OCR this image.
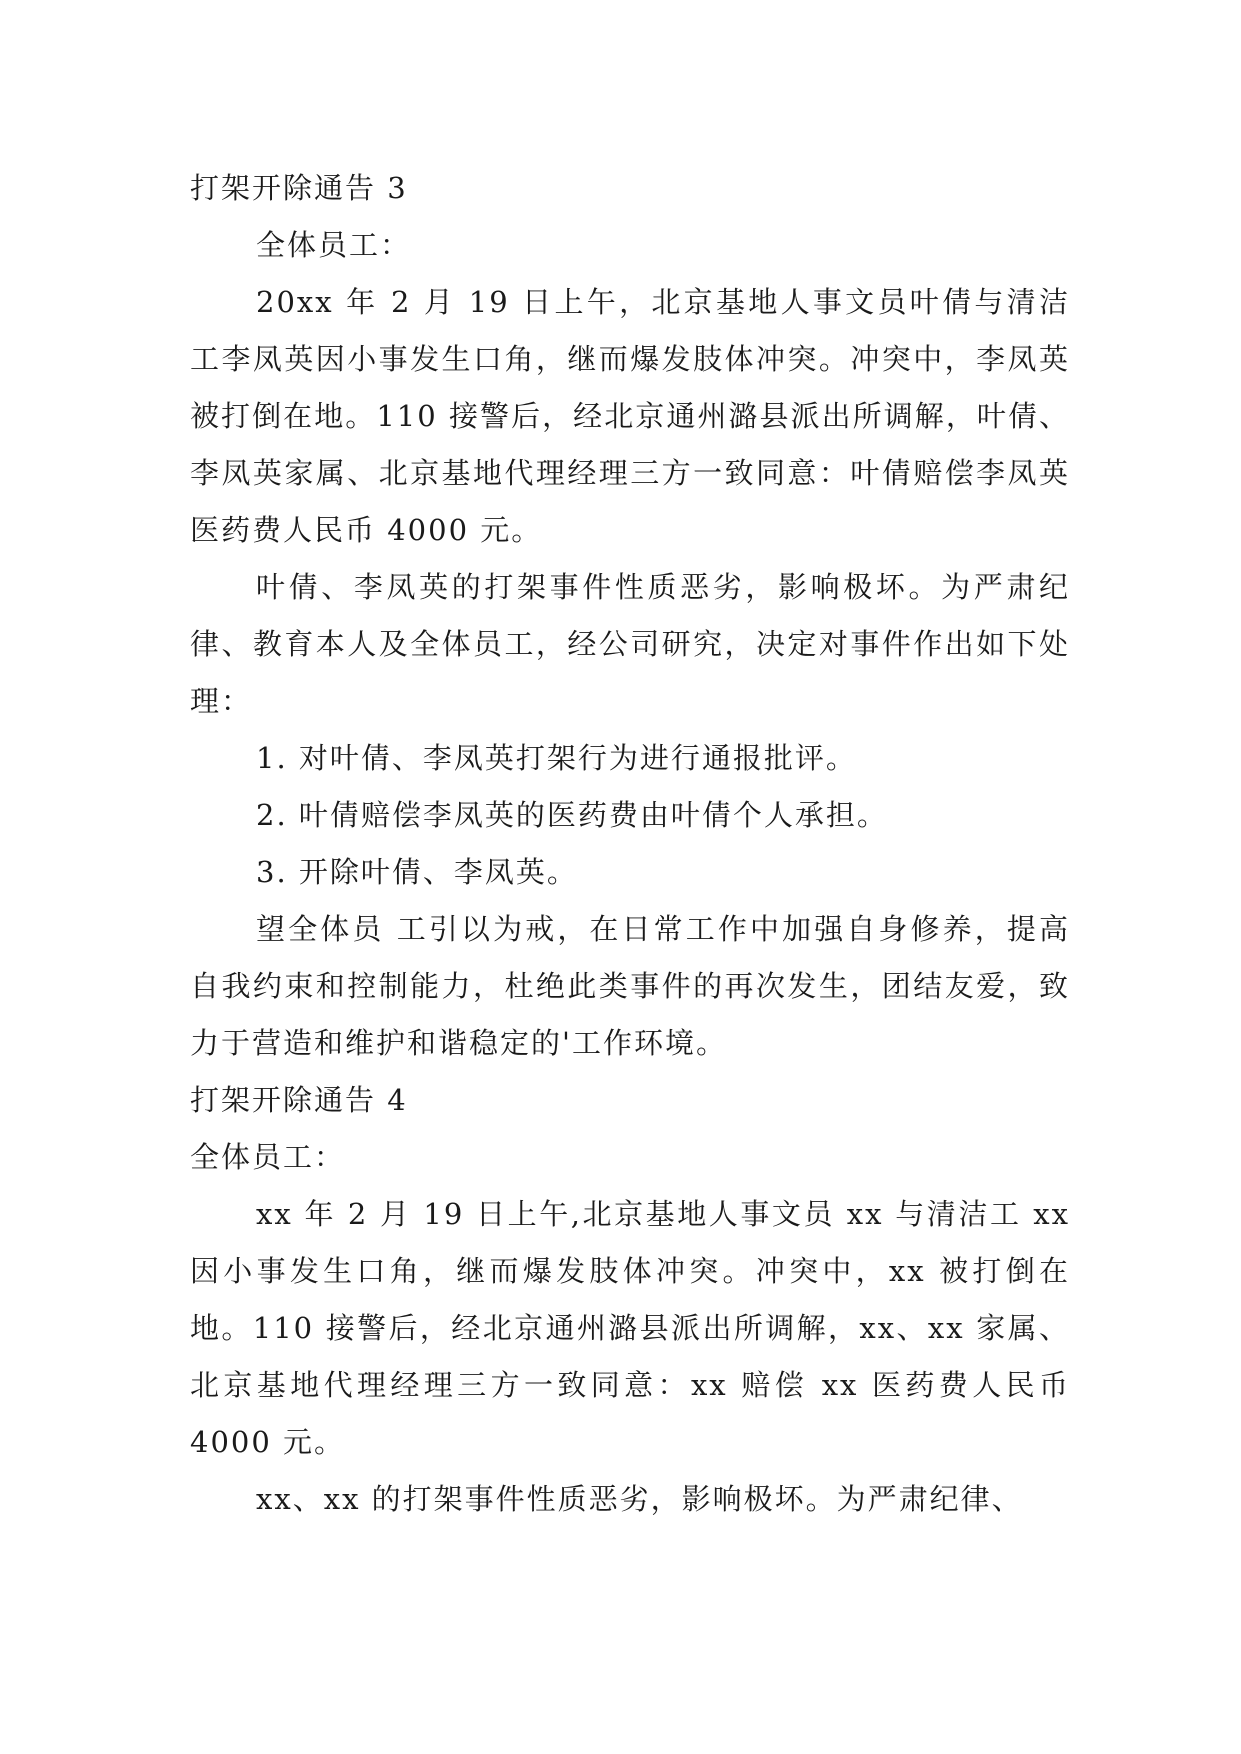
打架开除通告 3

全体员工：

20xx 年 2 月 19 日上午，北京基地人事文员叶倩与清洁工李凤英因小事发生口角，继而爆发肢体冲突。冲突中，李凤英被打倒在地。110 接警后，经北京通州潞县派出所调解，叶倩、李凤英家属、北京基地代理经理三方一致同意：叶倩赔偿李凤英医药费人民币 4000 元。

叶倩、李凤英的打架事件性质恶劣，影响极坏。为严肃纪律、教育本人及全体员工，经公司研究，决定对事件作出如下处理：

1. 对叶倩、李凤英打架行为进行通报批评。

2. 叶倩赔偿李凤英的医药费由叶倩个人承担。

3. 开除叶倩、李凤英。

望全体员 工引以为戒，在日常工作中加强自身修养，提高自我约束和控制能力，杜绝此类事件的再次发生，团结友爱，致力于营造和维护和谐稳定的'工作环境。

打架开除通告 4

全体员工：

xx 年 2 月 19 日上午,北京基地人事文员 xx 与清洁工 xx 因小事发生口角，继而爆发肢体冲突。冲突中，xx 被打倒在地。110 接警后，经北京通州潞县派出所调解，xx、xx 家属、北京基地代理经理三方一致同意：xx 赔偿 xx 医药费人民币 4000 元。

xx、xx 的打架事件性质恶劣，影响极坏。为严肃纪律、
